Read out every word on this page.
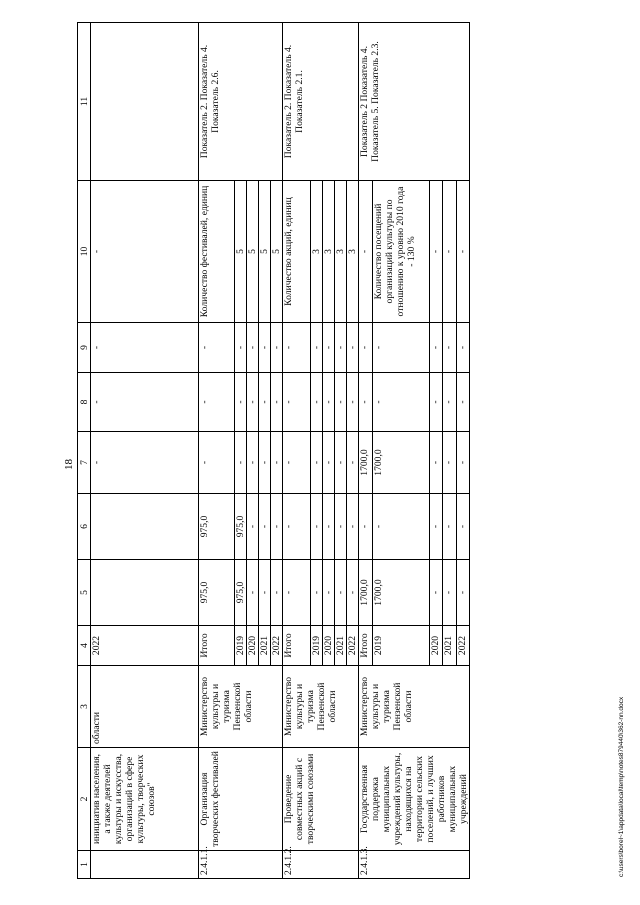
18
1	2	3	4	5	6	7	8	9	10	11
	инициатив населения, а также деятелей культуры и искусства, организаций в сфере культуры, творческих союзов"	области	2022			-	-	-	-	
2.4.1.1.	Организация творческих фестивалей	Министерство культуры и туризма Пензенской области	Итого	975,0	975,0	-	-	-	Количество фестивалей, единиц	Показатель 2. Показатель 4. Показатель 2.6.
			2019	975,0	975,0	-	-	-	5	
			2020	-	-	-	-	-	5	
			2021	-	-	-	-	-	5	
			2022	-	-	-	-	-	5	
2.4.1.2.	Проведение совместных акций с творческими союзами	Министерство культуры и туризма Пензенской области	Итого	-	-	-	-	-	Количество акций, единиц	Показатель 2. Показатель 4. Показатель 2.1.
			2019	-	-	-	-	-	3	
			2020	-	-	-	-	-	3	
			2021	-	-	-	-	-	3	
			2022	-	-	-	-	-	3	
2.4.1.3.	Государственная поддержка муниципальных учреждений культуры, находящихся на территории сельских поселений, и лучших работников муниципальных учреждений	Министерство культуры и туризма Пензенской области	Итого	1700,0	-	1700,0	-	-	-	Показатель 2 Показатель 4. Показатель 5. Показатель 2.3.
			2019	1700,0	-	1700,0	-	-	Количество посещений организаций культуры по отношению к уровню 2010 года - 130 %	
			2020	-	-	-	-	-	-	
			2021	-	-	-	-	-	-	
			2022	-	-	-	-	-	-	
c:\users\borel~1\appdata\local\temp\notes879440\362-nn.docx
